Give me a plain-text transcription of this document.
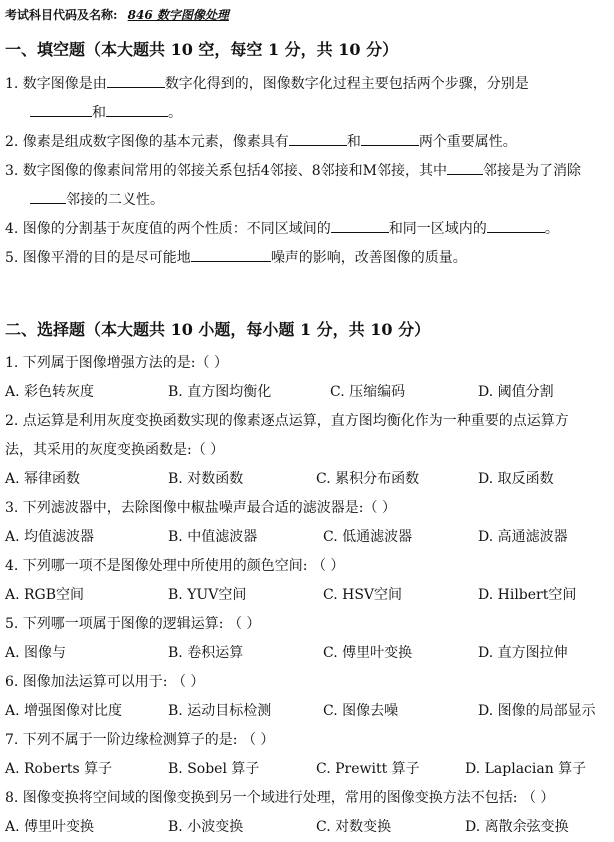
考试科目代码及名称: 846 数字图像处理
一、填空题（本大题共 10 空，每空 1 分，共 10 分）
1. 数字图像是由	数字化得到的，图像数字化过程主要包括两个步骤，分别是
和	。
2. 像素是组成数字图像的基本元素，像素具有	和	两个重要属性。
3. 数字图像的像素间常用的邻接关系包括4邻接、8邻接和M邻接，其中	邻接是为了消除
邻接的二义性。
4. 图像的分割基于灰度值的两个性质：不同区域间的	和同一区域内的	。
5. 图像平滑的目的是尽可能地	噪声的影响，改善图像的质量。
二、选择题（本大题共 10 小题，每小题 1 分，共 10 分）
1. 下列属于图像增强方法的是:（ ）
A. 彩色转灰度	B. 直方图均衡化	C. 压缩编码	D. 阈值分割
2. 点运算是利用灰度变换函数实现的像素逐点运算，直方图均衡化作为一种重要的点运算方
法，其采用的灰度变换函数是:（ ）
A. 幂律函数	B. 对数函数	C. 累积分布函数	D. 取反函数
3. 下列滤波器中，去除图像中椒盐噪声最合适的滤波器是:（ ）
A. 均值滤波器	B. 中值滤波器	C. 低通滤波器	D. 高通滤波器
4. 下列哪一项不是图像处理中所使用的颜色空间: （ ）
A. RGB空间	B. YUV空间	C. HSV空间	D. Hilbert空间
5. 下列哪一项属于图像的逻辑运算: （ ）
A. 图像与	B. 卷积运算	C. 傅里叶变换	D. 直方图拉伸
6. 图像加法运算可以用于: （ ）
A. 增强图像对比度	B. 运动目标检测	C. 图像去噪	D. 图像的局部显示
7. 下列不属于一阶边缘检测算子的是: （ ）
A. Roberts 算子	B. Sobel 算子	C. Prewitt 算子	D. Laplacian 算子
8. 图像变换将空间域的图像变换到另一个域进行处理，常用的图像变换方法不包括: （ ）
A. 傅里叶变换	B. 小波变换	C. 对数变换	D. 离散余弦变换
